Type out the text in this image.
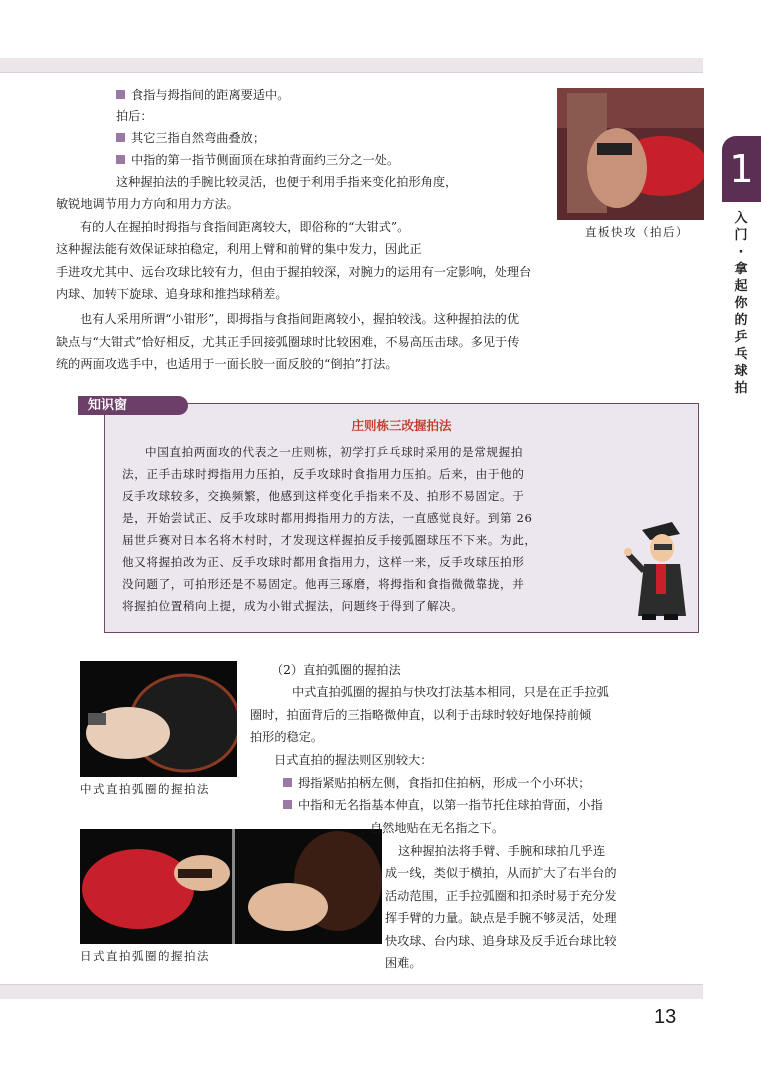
1
入
门
·
拿
起
你
的
乒
乓
球
拍
直板快攻（拍后）
食指与拇指间的距离要适中。
拍后：
其它三指自然弯曲叠放；
中指的第一指节侧面顶在球拍背面约三分之一处。
这种握拍法的手腕比较灵活，也便于利用手指来变化拍形角度，
敏锐地调节用力方向和用力方法。
有的人在握拍时拇指与食指间距离较大，即俗称的“大钳式”。
这种握法能有效保证球拍稳定，利用上臂和前臂的集中发力，因此正
手进攻尤其中、远台攻球比较有力，但由于握拍较深，对腕力的运用有一定影响，处理台
内球、加转下旋球、追身球和推挡球稍差。
也有人采用所谓“小钳形”，即拇指与食指间距离较小，握拍较浅。这种握拍法的优
缺点与“大钳式”恰好相反，尤其正手回接弧圈球时比较困难，不易高压击球。多见于传
统的两面攻选手中，也适用于一面长胶一面反胶的“倒拍”打法。
庄则栋三改握拍法
中国直拍两面攻的代表之一庄则栋，初学打乒乓球时采用的是常规握拍
法，正手击球时拇指用力压拍，反手攻球时食指用力压拍。后来，由于他的
反手攻球较多，交换频繁，他感到这样变化手指来不及、拍形不易固定。于
是，开始尝试正、反手攻球时都用拇指用力的方法，一直感觉良好。到第 26
届世乒赛对日本名将木村时，才发现这样握拍反手接弧圈球压不下来。为此，
他又将握拍改为正、反手攻球时都用食指用力，这样一来，反手攻球压拍形
没问题了，可拍形还是不易固定。他再三琢磨，将拇指和食指微微靠拢，并
将握拍位置稍向上提，成为小钳式握法，问题终于得到了解决。
知识窗
中式直拍弧圈的握拍法
日式直拍弧圈的握拍法
（2）直拍弧圈的握拍法
中式直拍弧圈的握拍与快攻打法基本相同，只是在正手拉弧
圈时，拍面背后的三指略微伸直，以利于击球时较好地保持前倾
拍形的稳定。
日式直拍的握法则区别较大：
拇指紧贴拍柄左侧，食指扣住拍柄，形成一个小环状；
中指和无名指基本伸直，以第一指节托住球拍背面，小指
自然地贴在无名指之下。
这种握拍法将手臂、手腕和球拍几乎连
成一线，类似于横拍，从而扩大了右半台的
活动范围，正手拉弧圈和扣杀时易于充分发
挥手臂的力量。缺点是手腕不够灵活，处理
快攻球、台内球、追身球及反手近台球比较
困难。
13
